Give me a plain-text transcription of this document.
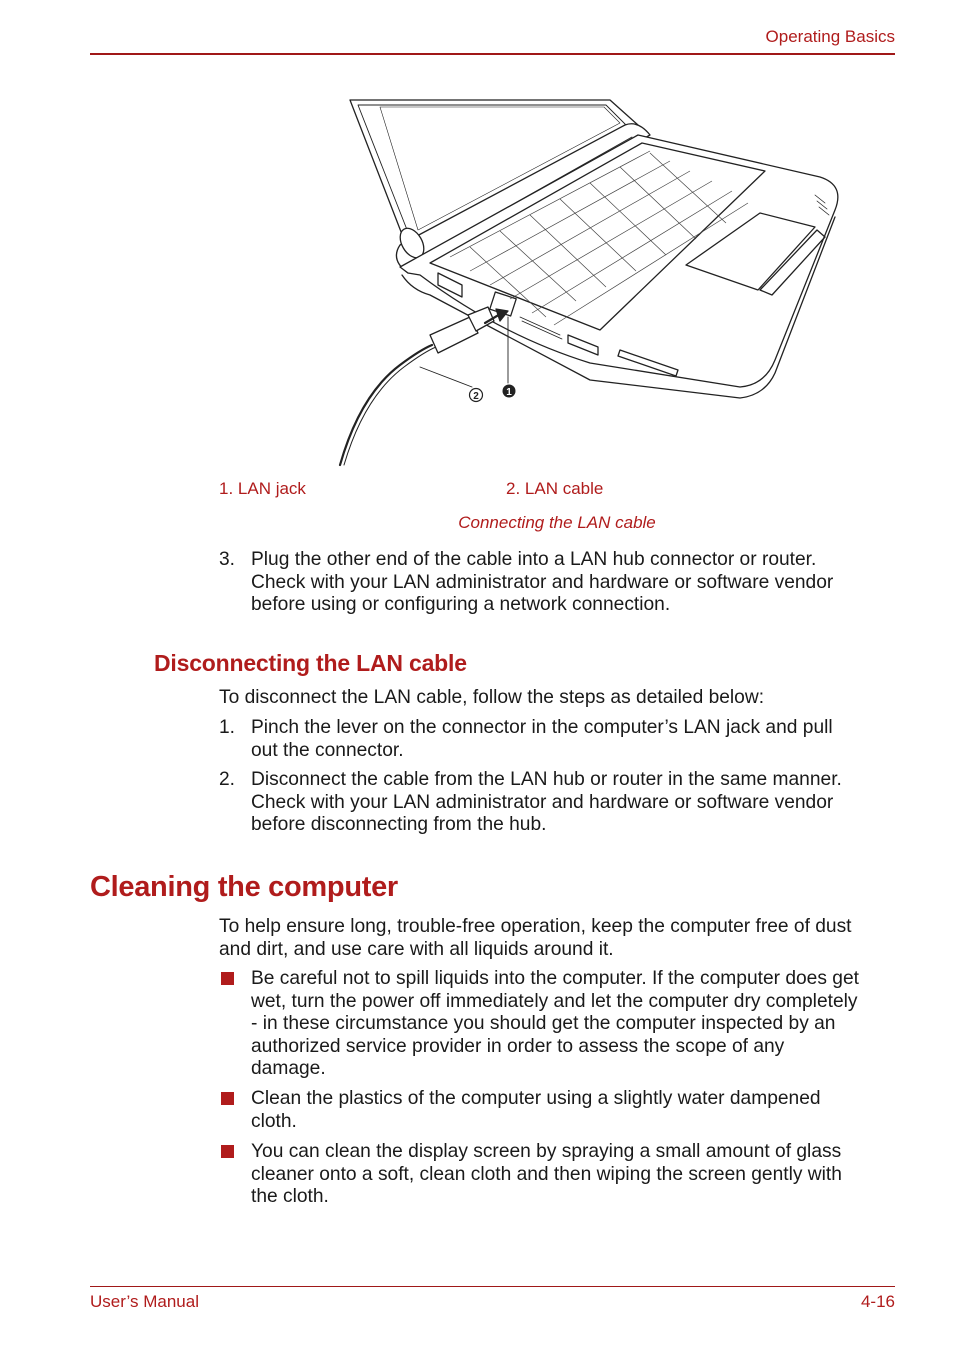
Operating Basics
2	1
1. LAN jack	2. LAN cable
Connecting the LAN cable
3. Plug the other end of the cable into a LAN hub connector or router.
Check with your LAN administrator and hardware or software vendor
before using or configuring a network connection.
Disconnecting the LAN cable
To disconnect the LAN cable, follow the steps as detailed below:
1. Pinch the lever on the connector in the computer’s LAN jack and pull
out the connector.
2. Disconnect the cable from the LAN hub or router in the same manner.
Check with your LAN administrator and hardware or software vendor
before disconnecting from the hub.
Cleaning the computer
To help ensure long, trouble-free operation, keep the computer free of dust
and dirt, and use care with all liquids around it.
Be careful not to spill liquids into the computer. If the computer does get
wet, turn the power off immediately and let the computer dry completely
- in these circumstance you should get the computer inspected by an
authorized service provider in order to assess the scope of any
damage.
Clean the plastics of the computer using a slightly water dampened
cloth.
You can clean the display screen by spraying a small amount of glass
cleaner onto a soft, clean cloth and then wiping the screen gently with
the cloth.
User’s Manual	4-16
